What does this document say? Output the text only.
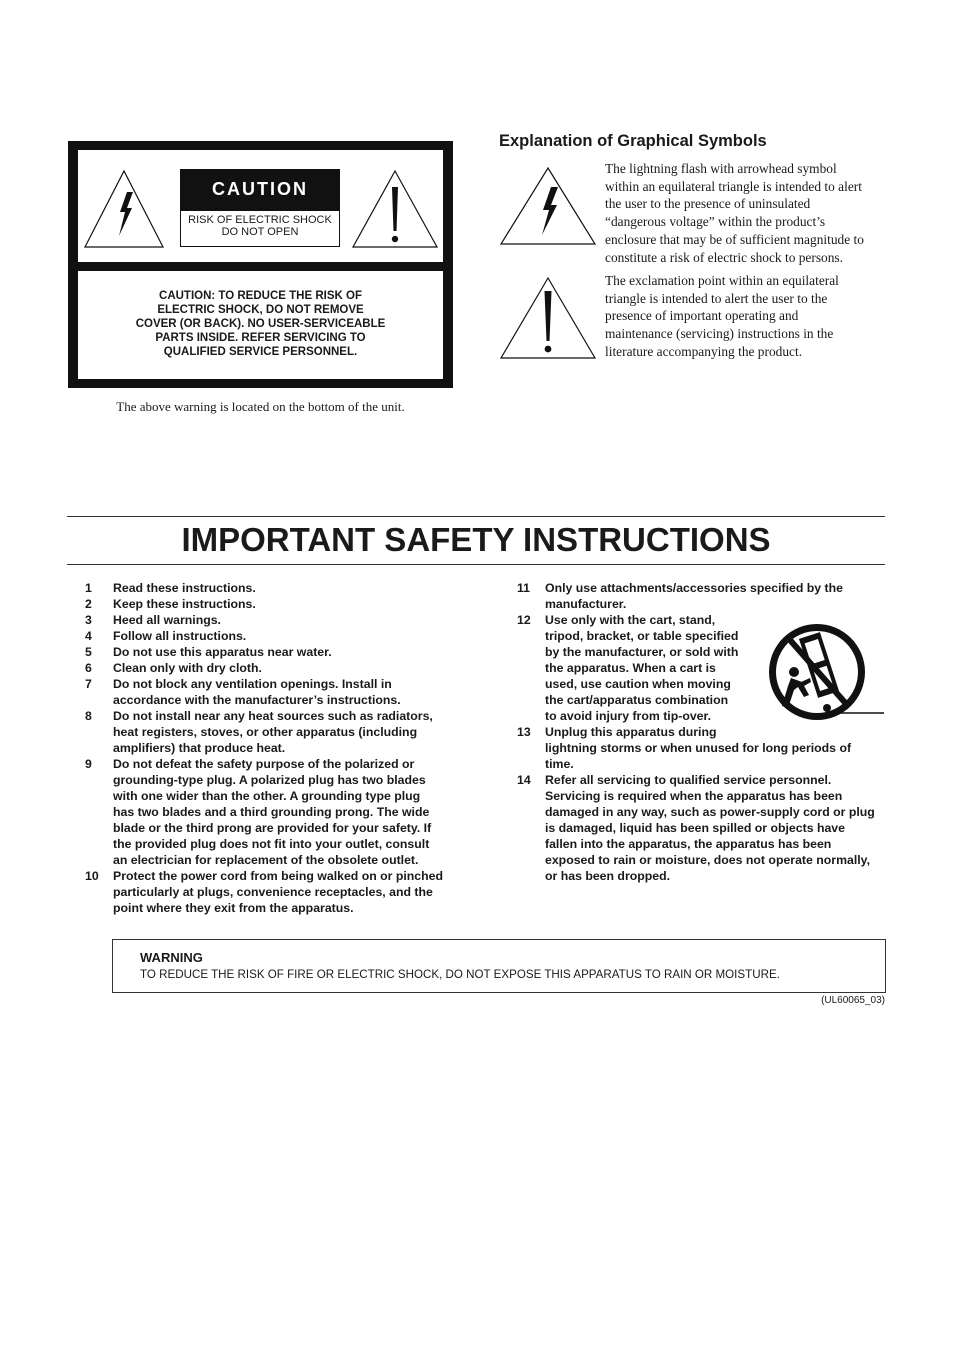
CAUTION
RISK OF ELECTRIC SHOCK
DO NOT OPEN
CAUTION: TO REDUCE THE RISK OF
ELECTRIC SHOCK, DO NOT REMOVE
COVER (OR BACK). NO USER-SERVICEABLE
PARTS INSIDE. REFER SERVICING TO
QUALIFIED SERVICE PERSONNEL.
The above warning is located on the bottom of the unit.
Explanation of Graphical Symbols
The lightning flash with arrowhead symbol
within an equilateral triangle is intended to alert
the user to the presence of uninsulated
“dangerous voltage” within the product’s
enclosure that may be of sufficient magnitude to
constitute a risk of electric shock to persons.
The exclamation point within an equilateral
triangle is intended to alert the user to the
presence of important operating and
maintenance (servicing) instructions in the
literature accompanying the product.
IMPORTANT SAFETY INSTRUCTIONS
1 Read these instructions.
2 Keep these instructions.
3 Heed all warnings.
4 Follow all instructions.
5 Do not use this apparatus near water.
6 Clean only with dry cloth.
7 Do not block any ventilation openings. Install in
accordance with the manufacturer’s instructions.
8 Do not install near any heat sources such as radiators,
heat registers, stoves, or other apparatus (including
amplifiers) that produce heat.
9 Do not defeat the safety purpose of the polarized or
grounding-type plug. A polarized plug has two blades
with one wider than the other. A grounding type plug
has two blades and a third grounding prong. The wide
blade or the third prong are provided for your safety. If
the provided plug does not fit into your outlet, consult
an electrician for replacement of the obsolete outlet.
10 Protect the power cord from being walked on or pinched
particularly at plugs, convenience receptacles, and the
point where they exit from the apparatus.
11 Only use attachments/accessories specified by the
manufacturer.
12 Use only with the cart, stand,
tripod, bracket, or table specified
by the manufacturer, or sold with
the apparatus. When a cart is
used, use caution when moving
the cart/apparatus combination
to avoid injury from tip-over.
13 Unplug this apparatus during
lightning storms or when unused for long periods of
time.
14 Refer all servicing to qualified service personnel.
Servicing is required when the apparatus has been
damaged in any way, such as power-supply cord or plug
is damaged, liquid has been spilled or objects have
fallen into the apparatus, the apparatus has been
exposed to rain or moisture, does not operate normally,
or has been dropped.
WARNING
TO REDUCE THE RISK OF FIRE OR ELECTRIC SHOCK, DO NOT EXPOSE THIS APPARATUS TO RAIN OR MOISTURE.
(UL60065_03)
